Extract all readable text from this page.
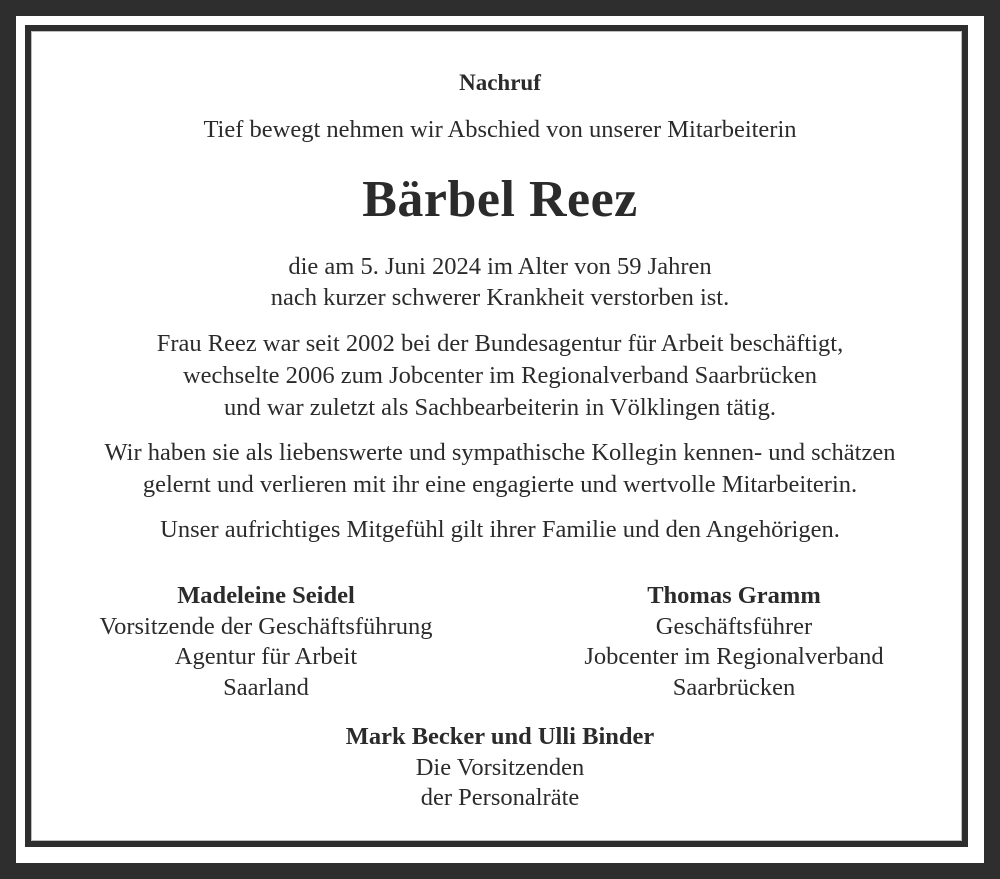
Nachruf
Tief bewegt nehmen wir Abschied von unserer Mitarbeiterin
Bärbel Reez
die am 5. Juni 2024 im Alter von 59 Jahren
nach kurzer schwerer Krankheit verstorben ist.
Frau Reez war seit 2002 bei der Bundesagentur für Arbeit beschäftigt,
wechselte 2006 zum Jobcenter im Regionalverband Saarbrücken
und war zuletzt als Sachbearbeiterin in Völklingen tätig.
Wir haben sie als liebenswerte und sympathische Kollegin kennen- und schätzen
gelernt und verlieren mit ihr eine engagierte und wertvolle Mitarbeiterin.
Unser aufrichtiges Mitgefühl gilt ihrer Familie und den Angehörigen.
Madeleine Seidel
Vorsitzende der Geschäftsführung
Agentur für Arbeit
Saarland
Thomas Gramm
Geschäftsführer
Jobcenter im Regionalverband
Saarbrücken
Mark Becker und Ulli Binder
Die Vorsitzenden
der Personalräte
